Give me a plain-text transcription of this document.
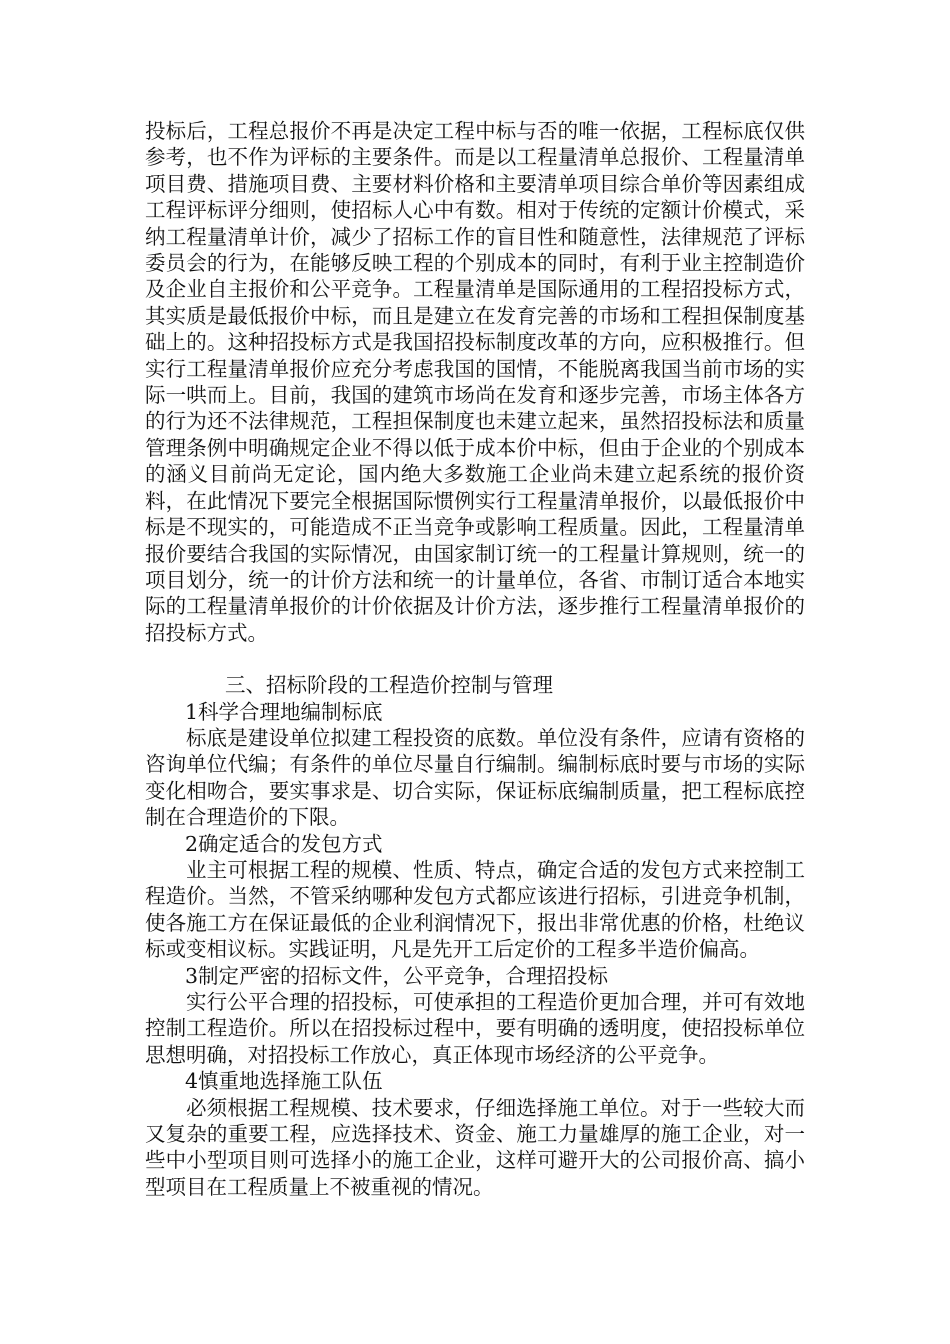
投标后，工程总报价不再是决定工程中标与否的唯一依据，工程标底仅供参考，也不作为评标的主要条件。而是以工程量清单总报价、工程量清单项目费、措施项目费、主要材料价格和主要清单项目综合单价等因素组成工程评标评分细则，使招标人心中有数。相对于传统的定额计价模式，采纳工程量清单计价，减少了招标工作的盲目性和随意性，法律规范了评标委员会的行为，在能够反映工程的个别成本的同时，有利于业主控制造价及企业自主报价和公平竞争。工程量清单是国际通用的工程招投标方式，其实质是最低报价中标，而且是建立在发育完善的市场和工程担保制度基础上的。这种招投标方式是我国招投标制度改革的方向，应积极推行。但实行工程量清单报价应充分考虑我国的国情，不能脱离我国当前市场的实际一哄而上。目前，我国的建筑市场尚在发育和逐步完善，市场主体各方的行为还不法律规范，工程担保制度也未建立起来，虽然招投标法和质量管理条例中明确规定企业不得以低于成本价中标，但由于企业的个别成本的涵义目前尚无定论，国内绝大多数施工企业尚未建立起系统的报价资料，在此情况下要完全根据国际惯例实行工程量清单报价，以最低报价中标是不现实的，可能造成不正当竞争或影响工程质量。因此，工程量清单报价要结合我国的实际情况，由国家制订统一的工程量计算规则，统一的项目划分，统一的计价方法和统一的计量单位，各省、市制订适合本地实际的工程量清单报价的计价依据及计价方法，逐步推行工程量清单报价的招投标方式。

三、招标阶段的工程造价控制与管理

1科学合理地编制标底

标底是建设单位拟建工程投资的底数。单位没有条件，应请有资格的咨询单位代编；有条件的单位尽量自行编制。编制标底时要与市场的实际变化相吻合，要实事求是、切合实际，保证标底编制质量，把工程标底控制在合理造价的下限。

2确定适合的发包方式

业主可根据工程的规模、性质、特点，确定合适的发包方式来控制工程造价。当然，不管采纳哪种发包方式都应该进行招标，引进竞争机制，使各施工方在保证最低的企业利润情况下，报出非常优惠的价格，杜绝议标或变相议标。实践证明，凡是先开工后定价的工程多半造价偏高。

3制定严密的招标文件，公平竞争，合理招投标

实行公平合理的招投标，可使承担的工程造价更加合理，并可有效地控制工程造价。所以在招投标过程中，要有明确的透明度，使招投标单位思想明确，对招投标工作放心，真正体现市场经济的公平竞争。

4慎重地选择施工队伍

必须根据工程规模、技术要求，仔细选择施工单位。对于一些较大而又复杂的重要工程，应选择技术、资金、施工力量雄厚的施工企业，对一些中小型项目则可选择小的施工企业，这样可避开大的公司报价高、搞小型项目在工程质量上不被重视的情况。
